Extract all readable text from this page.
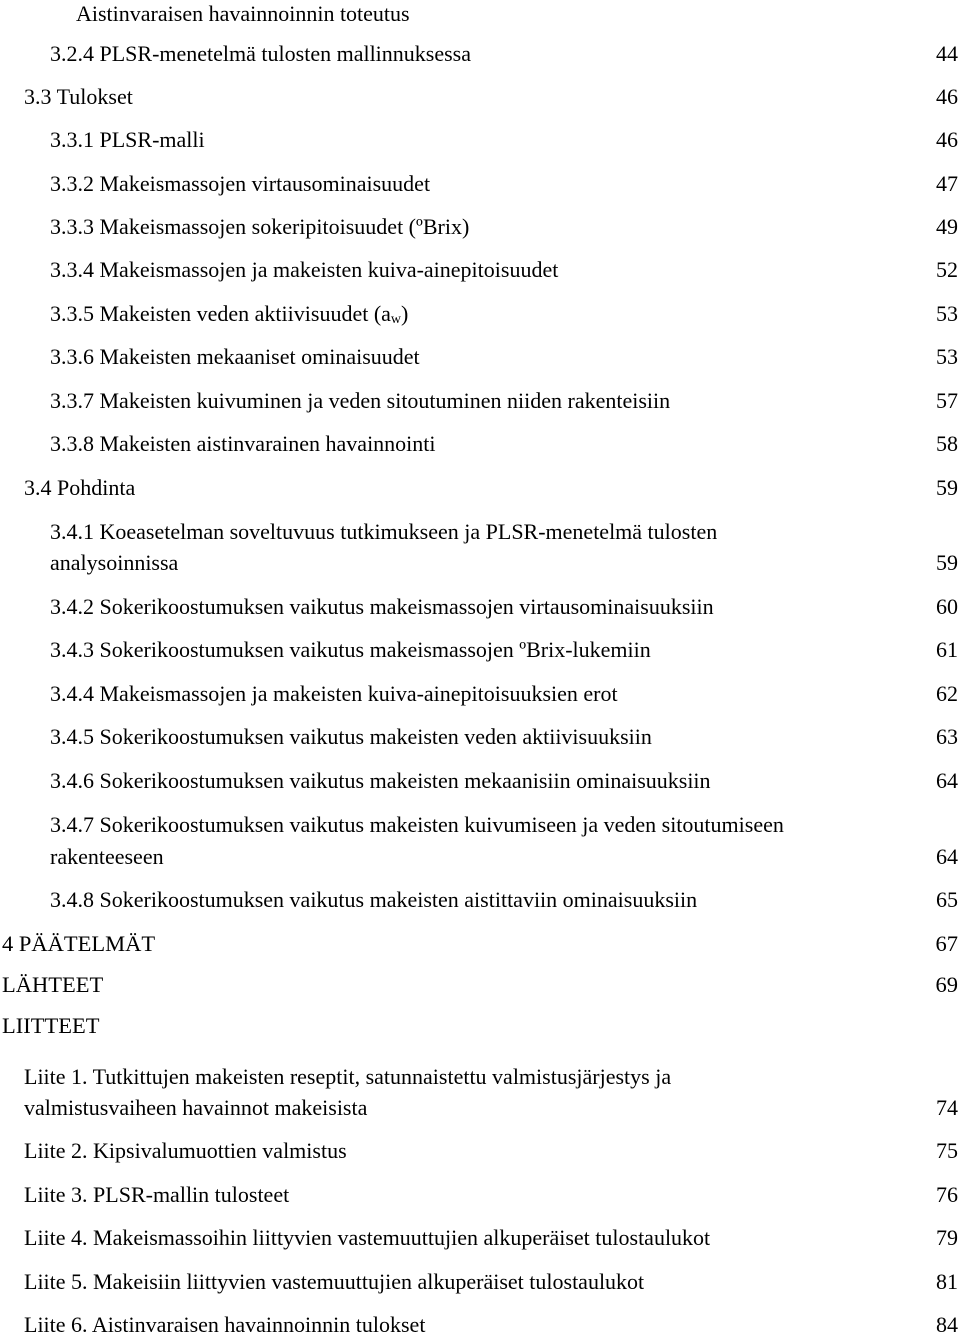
Aistinvaraisen havainnoinnin toteutus
3.2.4 PLSR-menetelmä tulosten mallinnuksessa	44
3.3 Tulokset	46
3.3.1 PLSR-malli	46
3.3.2 Makeismassojen virtausominaisuudet	47
3.3.3 Makeismassojen sokeripitoisuudet (ºBrix)	49
3.3.4 Makeismassojen ja makeisten kuiva-ainepitoisuudet	52
3.3.5 Makeisten veden aktiivisuudet (aw)	53
3.3.6 Makeisten mekaaniset ominaisuudet	53
3.3.7 Makeisten kuivuminen ja veden sitoutuminen niiden rakenteisiin	57
3.3.8 Makeisten aistinvarainen havainnointi	58
3.4 Pohdinta	59
3.4.1 Koeasetelman soveltuvuus tutkimukseen ja PLSR-menetelmä tulosten
analysoinnissa	59
3.4.2 Sokerikoostumuksen vaikutus makeismassojen virtausominaisuuksiin	60
3.4.3 Sokerikoostumuksen vaikutus makeismassojen ºBrix-lukemiin	61
3.4.4 Makeismassojen ja makeisten kuiva-ainepitoisuuksien erot	62
3.4.5 Sokerikoostumuksen vaikutus makeisten veden aktiivisuuksiin	63
3.4.6 Sokerikoostumuksen vaikutus makeisten mekaanisiin ominaisuuksiin	64
3.4.7 Sokerikoostumuksen vaikutus makeisten kuivumiseen ja veden sitoutumiseen
rakenteeseen	64
3.4.8 Sokerikoostumuksen vaikutus makeisten aistittaviin ominaisuuksiin	65
4 PÄÄTELMÄT	67
LÄHTEET	69
LIITTEET
Liite 1. Tutkittujen makeisten reseptit, satunnaistettu valmistusjärjestys ja
valmistusvaiheen havainnot makeisista	74
Liite 2. Kipsivalumuottien valmistus	75
Liite 3. PLSR-mallin tulosteet	76
Liite 4. Makeismassoihin liittyvien vastemuuttujien alkuperäiset tulostaulukot	79
Liite 5. Makeisiin liittyvien vastemuuttujien alkuperäiset tulostaulukot	81
Liite 6. Aistinvaraisen havainnoinnin tulokset	84
